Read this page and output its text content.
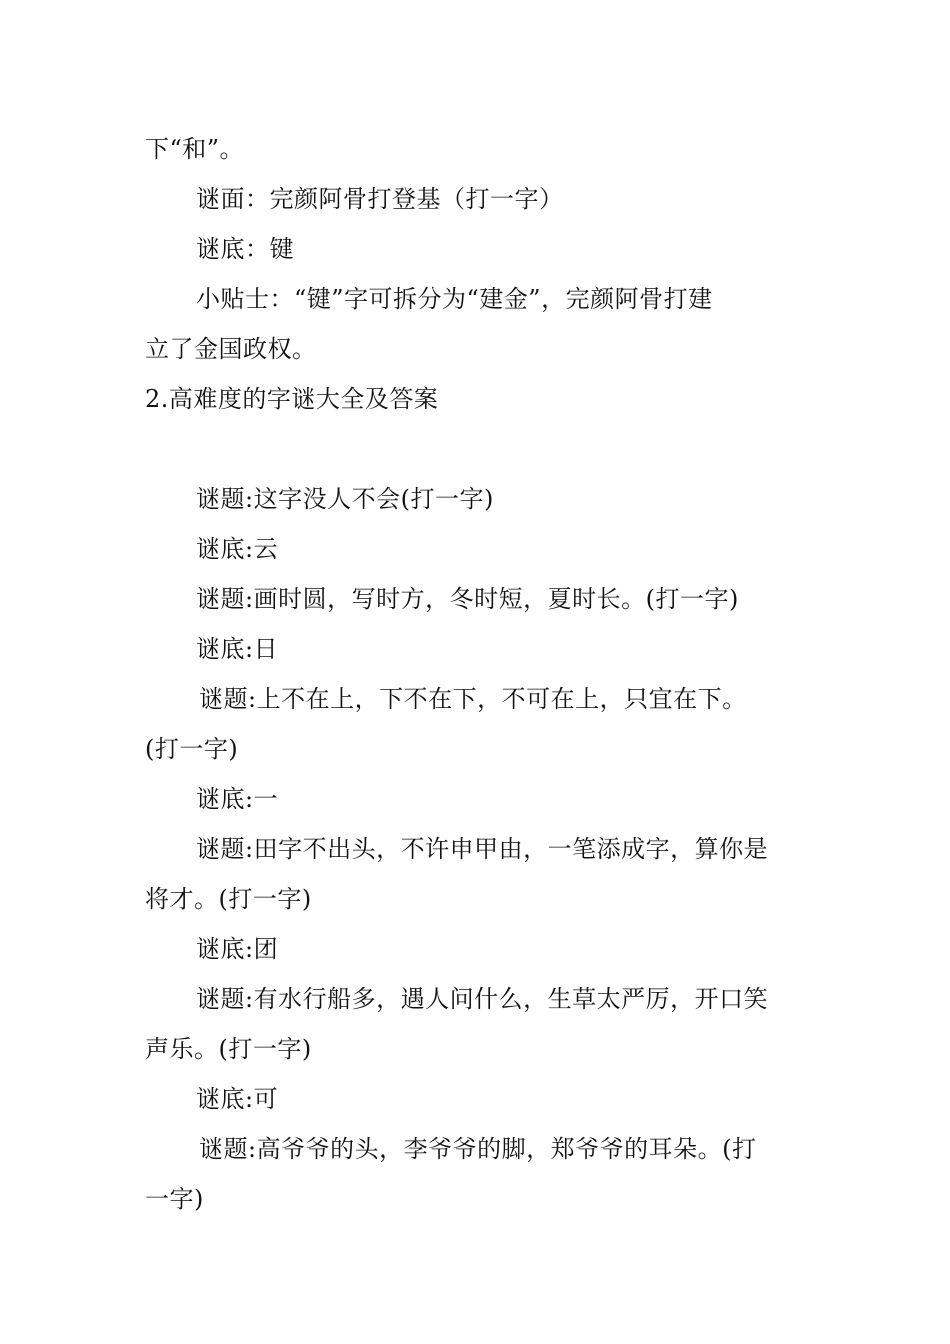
下“和”。
谜面：完颜阿骨打登基（打一字）
谜底：键
小贴士：“键”字可拆分为“建金”，完颜阿骨打建
立了金国政权。
2.高难度的字谜大全及答案
谜题:这字没人不会(打一字)
谜底:云
谜题:画时圆，写时方，冬时短，夏时长。(打一字)
谜底:日
谜题:上不在上，下不在下，不可在上，只宜在下。
(打一字)
谜底:一
谜题:田字不出头，不许申甲由，一笔添成字，算你是
将才。(打一字)
谜底:团
谜题:有水行船多，遇人问什么，生草太严厉，开口笑
声乐。(打一字)
谜底:可
谜题:高爷爷的头，李爷爷的脚，郑爷爷的耳朵。(打
一字)
